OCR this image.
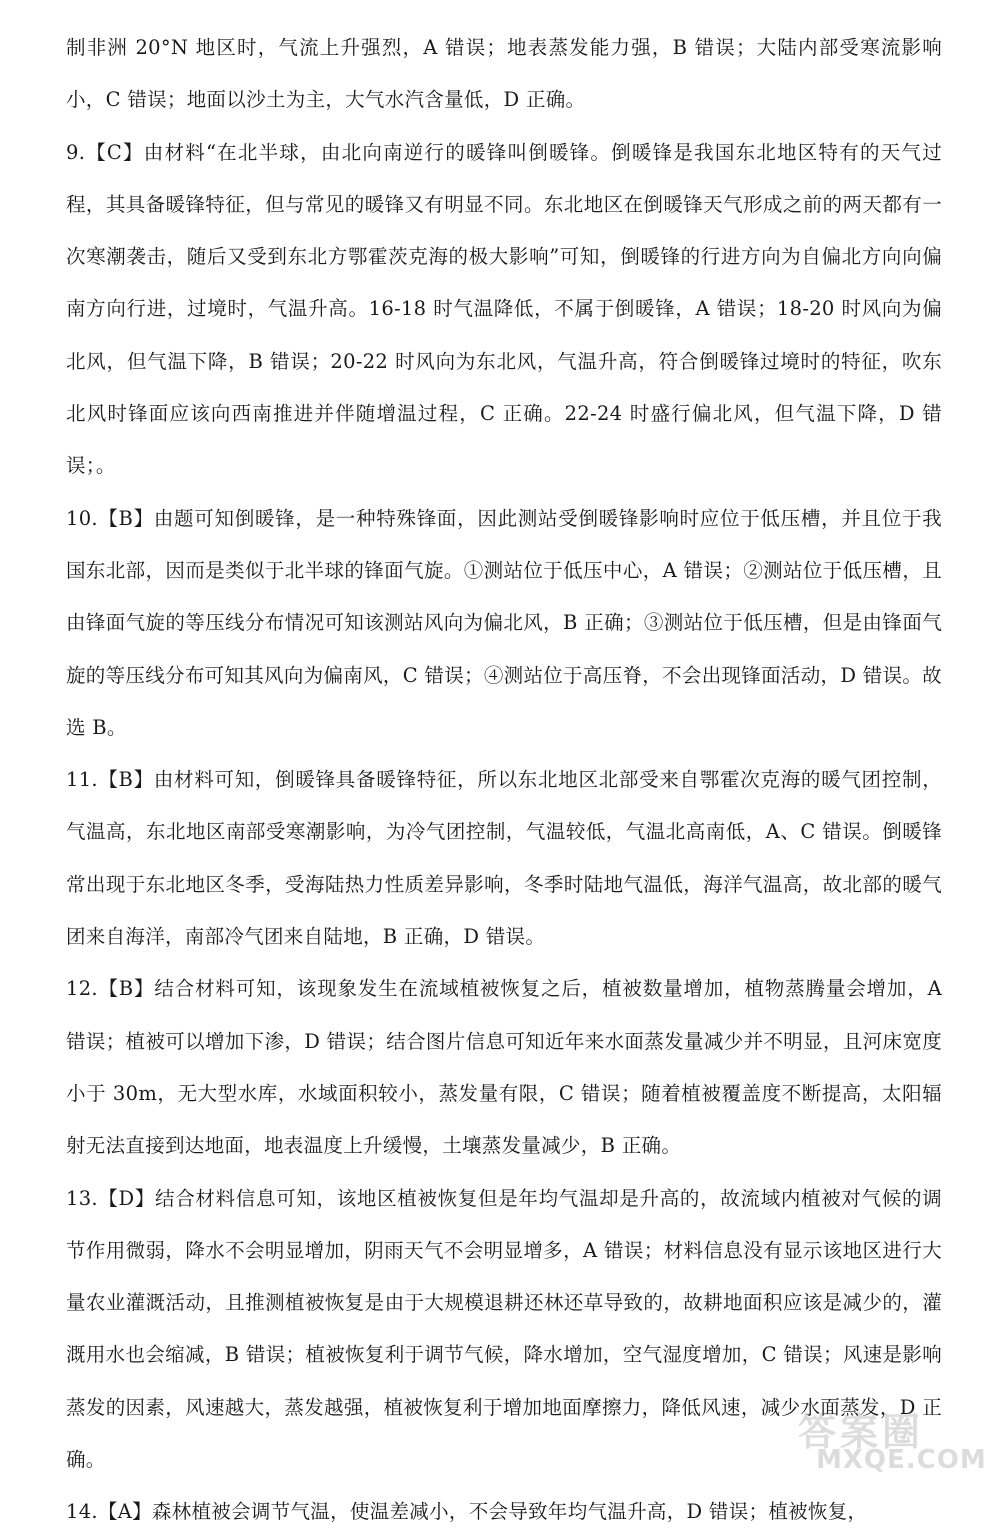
制非洲 20°N 地区时，气流上升强烈，A 错误；地表蒸发能力强，B 错误；大陆内部受寒流影响小，C 错误；地面以沙土为主，大气水汽含量低，D 正确。

9.【C】由材料“在北半球，由北向南逆行的暖锋叫倒暖锋。倒暖锋是我国东北地区特有的天气过程，其具备暖锋特征，但与常见的暖锋又有明显不同。东北地区在倒暖锋天气形成之前的两天都有一次寒潮袭击，随后又受到东北方鄂霍茨克海的极大影响”可知，倒暖锋的行进方向为自偏北方向向偏南方向行进，过境时，气温升高。16-18 时气温降低，不属于倒暖锋，A 错误；18-20 时风向为偏北风，但气温下降，B 错误；20-22 时风向为东北风，气温升高，符合倒暖锋过境时的特征，吹东北风时锋面应该向西南推进并伴随增温过程，C 正确。22-24 时盛行偏北风，但气温下降，D 错误；。

10.【B】由题可知倒暖锋，是一种特殊锋面，因此测站受倒暖锋影响时应位于低压槽，并且位于我国东北部，因而是类似于北半球的锋面气旋。①测站位于低压中心，A 错误；②测站位于低压槽，且由锋面气旋的等压线分布情况可知该测站风向为偏北风，B 正确；③测站位于低压槽，但是由锋面气旋的等压线分布可知其风向为偏南风，C 错误；④测站位于高压脊，不会出现锋面活动，D 错误。故选 B。

11.【B】由材料可知，倒暖锋具备暖锋特征，所以东北地区北部受来自鄂霍次克海的暖气团控制，气温高，东北地区南部受寒潮影响，为冷气团控制，气温较低，气温北高南低，A、C 错误。倒暖锋常出现于东北地区冬季，受海陆热力性质差异影响，冬季时陆地气温低，海洋气温高，故北部的暖气团来自海洋，南部冷气团来自陆地，B 正确，D 错误。

12.【B】结合材料可知，该现象发生在流域植被恢复之后，植被数量增加，植物蒸腾量会增加，A 错误；植被可以增加下渗，D 错误；结合图片信息可知近年来水面蒸发量减少并不明显，且河床宽度小于 30m，无大型水库，水域面积较小，蒸发量有限，C 错误；随着植被覆盖度不断提高，太阳辐射无法直接到达地面，地表温度上升缓慢，土壤蒸发量减少，B 正确。

13.【D】结合材料信息可知，该地区植被恢复但是年均气温却是升高的，故流域内植被对气候的调节作用微弱，降水不会明显增加，阴雨天气不会明显增多，A 错误；材料信息没有显示该地区进行大量农业灌溉活动，且推测植被恢复是由于大规模退耕还林还草导致的，故耕地面积应该是减少的，灌溉用水也会缩减，B 错误；植被恢复利于调节气候，降水增加，空气湿度增加，C 错误；风速是影响蒸发的因素，风速越大，蒸发越强，植被恢复利于增加地面摩擦力，降低风速，减少水面蒸发，D 正确。

14.【A】森林植被会调节气温，使温差减小，不会导致年均气温升高，D 错误；植被恢复，

答案圈
MXQE.COM
